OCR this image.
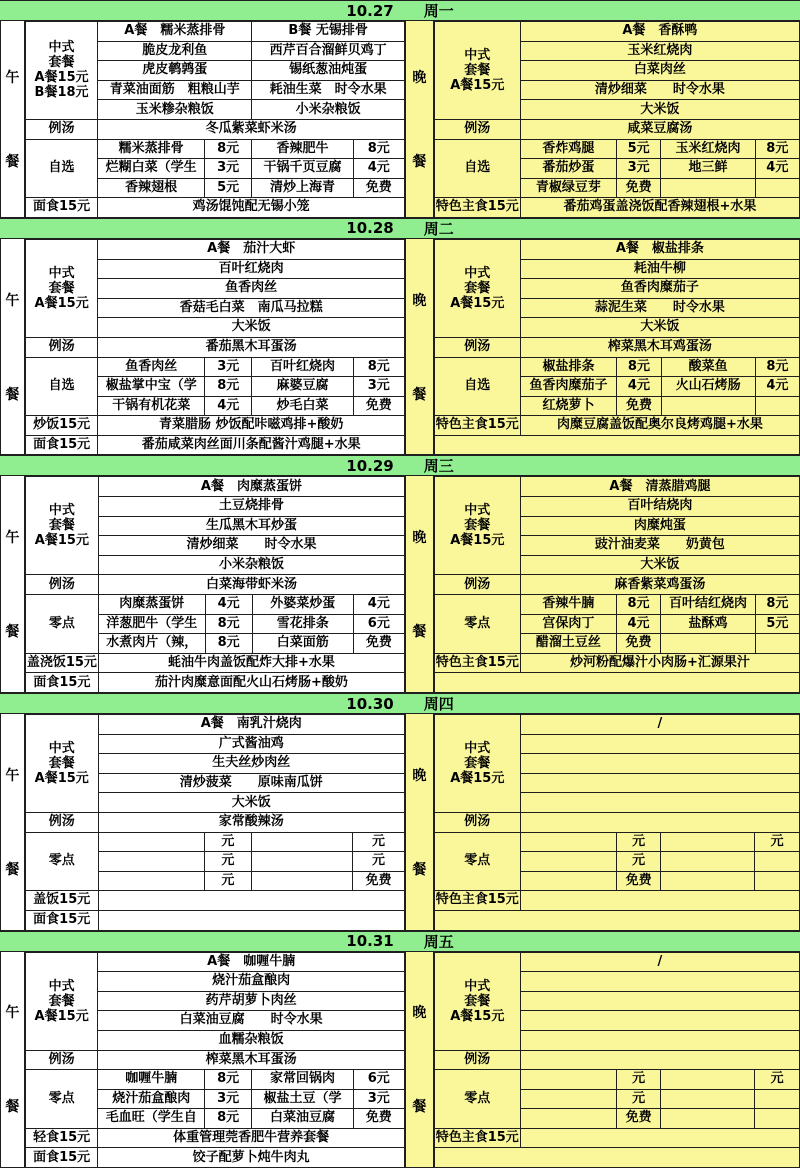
10.27 周一
午
餐
中式
套餐
A餐15元
B餐18元	A餐　糯米蒸排骨		B餐 无锡排骨	
	脆皮龙利鱼		西芹百合溜鲜贝鸡丁	
	虎皮鹌鹑蛋		锡纸葱油炖蛋	
	青菜油面筋　粗粮山芋		耗油生菜　时令水果	
	玉米糁杂粮饭		小米杂粮饭	
例汤	冬瓜紫菜虾米汤			
自选	糯米蒸排骨	8元	香辣肥牛	8元
	烂糊白菜（学生	3元	干锅千页豆腐	4元
	香辣翅根	5元	清炒上海青	免费
面食15元	鸡汤馄饨配无锡小笼			
晚
餐
中式
套餐
A餐15元	A餐　香酥鸭			
	玉米红烧肉			
	白菜肉丝			
	清炒细菜　　时令水果			
	大米饭			
例汤	咸菜豆腐汤			
自选	香炸鸡腿	5元	玉米红烧肉	8元
	番茄炒蛋	3元	地三鲜	4元
	青椒绿豆芽	免费		
特色主食15元	番茄鸡蛋盖浇饭配香辣翅根+水果			
10.28 周二
午
餐
中式
套餐
A餐15元	A餐　茄汁大虾			
	百叶红烧肉			
	鱼香肉丝			
	香菇毛白菜　南瓜马拉糕			
	大米饭			
例汤	番茄黑木耳蛋汤			
自选	鱼香肉丝	3元	百叶红烧肉	8元
	椒盐掌中宝（学	8元	麻婆豆腐	3元
	干锅有机花菜	4元	炒毛白菜	免费
炒饭15元	青菜腊肠 炒饭配咔嗞鸡排+酸奶			
面食15元	番茄咸菜肉丝面川条配酱汁鸡腿+水果			
晚
餐
中式
套餐
A餐15元	A餐　椒盐排条			
	耗油牛柳			
	鱼香肉糜茄子			
	蒜泥生菜　　时令水果			
	大米饭			
例汤	榨菜黑木耳鸡蛋汤			
自选	椒盐排条	8元	酸菜鱼	8元
	鱼香肉糜茄子	4元	火山石烤肠	4元
	红烧萝卜	免费		
特色主食15元	肉糜豆腐盖饭配奥尔良烤鸡腿+水果			

10.29 周三
午
餐
中式
套餐
A餐15元	A餐　肉糜蒸蛋饼			
	土豆烧排骨			
	生瓜黑木耳炒蛋			
	清炒细菜　　时令水果			
	小米杂粮饭			
例汤	白菜海带虾米汤			
零点	肉糜蒸蛋饼	4元	外婆菜炒蛋	4元
	洋葱肥牛（学生	8元	雪花排条	6元
	水煮肉片（辣，	8元	白菜面筋	免费
盖浇饭15元	蚝油牛肉盖饭配炸大排+水果			
面食15元	茄汁肉糜意面配火山石烤肠+酸奶			
晚
餐
中式
套餐
A餐15元	A餐　清蒸腊鸡腿			
	百叶结烧肉			
	肉糜炖蛋			
	豉汁油麦菜　　奶黄包			
	大米饭			
例汤	麻香紫菜鸡蛋汤			
零点	香辣牛腩	8元	百叶结红烧肉	8元
	宫保肉丁	4元	盐酥鸡	5元
	醋溜土豆丝	免费		
特色主食15元	炒河粉配爆汁小肉肠+汇源果汁			

10.30 周四
午
餐
中式
套餐
A餐15元	A餐　南乳汁烧肉			
	广式酱油鸡			
	生夫丝炒肉丝			
	清炒菠菜　　原味南瓜饼			
	大米饭			
例汤	家常酸辣汤			
零点		元		元
		元		元
		元		免费
盖饭15元				
面食15元				
晚
餐
中式
套餐
A餐15元	/			

例汤				
零点		元		元
		元		
		免费		
特色主食15元				

10.31 周五
午
餐
中式
套餐
A餐15元	A餐　咖喱牛腩			
	烧汁茄盒酿肉			
	药芹胡萝卜肉丝			
	白菜油豆腐　　时令水果			
	血糯杂粮饭			
例汤	榨菜黑木耳蛋汤			
零点	咖喱牛腩	8元	家常回锅肉	6元
	烧汁茄盒酿肉	3元	椒盐土豆（学	3元
	毛血旺（学生自	8元	白菜油豆腐	免费
轻食15元	体重管理莞香肥牛营养套餐			
面食15元	饺子配萝卜炖牛肉丸			
晚
餐
中式
套餐
A餐15元	/			

例汤				
零点		元		元
		元		
		免费		
特色主食15元				
